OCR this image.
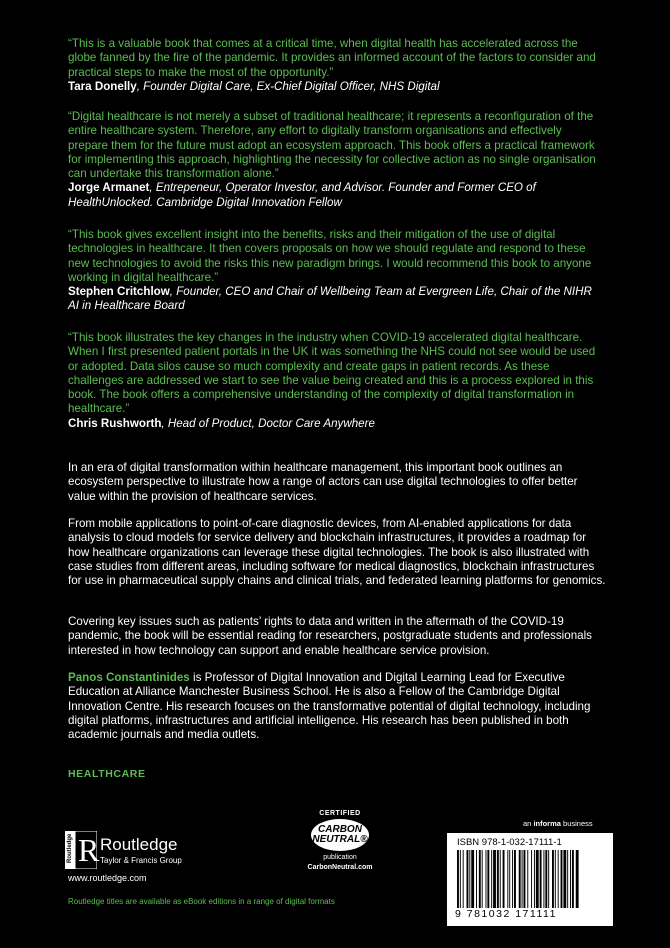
“This is a valuable book that comes at a critical time, when digital health has accelerated across the globe fanned by the fire of the pandemic. It provides an informed account of the factors to consider and practical steps to make the most of the opportunity.”
Tara Donelly, Founder Digital Care, Ex-Chief Digital Officer, NHS Digital
“Digital healthcare is not merely a subset of traditional healthcare; it represents a reconfiguration of the entire healthcare system. Therefore, any effort to digitally transform organisations and effectively prepare them for the future must adopt an ecosystem approach. This book offers a practical framework for implementing this approach, highlighting the necessity for collective action as no single organisation can undertake this transformation alone.”
Jorge Armanet, Entrepeneur, Operator Investor, and Advisor. Founder and Former CEO of HealthUnlocked. Cambridge Digital Innovation Fellow
“This book gives excellent insight into the benefits, risks and their mitigation of the use of digital technologies in healthcare. It then covers proposals on how we should regulate and respond to these new technologies to avoid the risks this new paradigm brings. I would recommend this book to anyone working in digital healthcare.”
Stephen Critchlow, Founder, CEO and Chair of Wellbeing Team at Evergreen Life, Chair of the NIHR AI in Healthcare Board
“This book illustrates the key changes in the industry when COVID-19 accelerated digital healthcare. When I first presented patient portals in the UK it was something the NHS could not see would be used or adopted. Data silos cause so much complexity and create gaps in patient records. As these challenges are addressed we start to see the value being created and this is a process explored in this book. The book offers a comprehensive understanding of the complexity of digital transformation in healthcare.”
Chris Rushworth, Head of Product, Doctor Care Anywhere
In an era of digital transformation within healthcare management, this important book outlines an ecosystem perspective to illustrate how a range of actors can use digital technologies to offer better value within the provision of healthcare services.
From mobile applications to point-of-care diagnostic devices, from AI-enabled applications for data analysis to cloud models for service delivery and blockchain infrastructures, it provides a roadmap for how healthcare organizations can leverage these digital technologies. The book is also illustrated with case studies from different areas, including software for medical diagnostics, blockchain infrastructures for use in pharmaceutical supply chains and clinical trials, and federated learning platforms for genomics.
Covering key issues such as patients’ rights to data and written in the aftermath of the COVID-19 pandemic, the book will be essential reading for researchers, postgraduate students and professionals interested in how technology can support and enable healthcare service provision.
Panos Constantinides is Professor of Digital Innovation and Digital Learning Lead for Executive Education at Alliance Manchester Business School. He is also a Fellow of the Cambridge Digital Innovation Centre. His research focuses on the transformative potential of digital technology, including digital platforms, infrastructures and artificial intelligence. His research has been published in both academic journals and media outlets.
HEALTHCARE
Routledge R Routledge
Taylor & Francis Group
www.routledge.com
CERTIFIED
CARBON
NEUTRAL®
publication
CarbonNeutral.com
an informa business
ISBN 978-1-032-17111-1
9 781032 171111
Routledge titles are available as eBook editions in a range of digital formats
